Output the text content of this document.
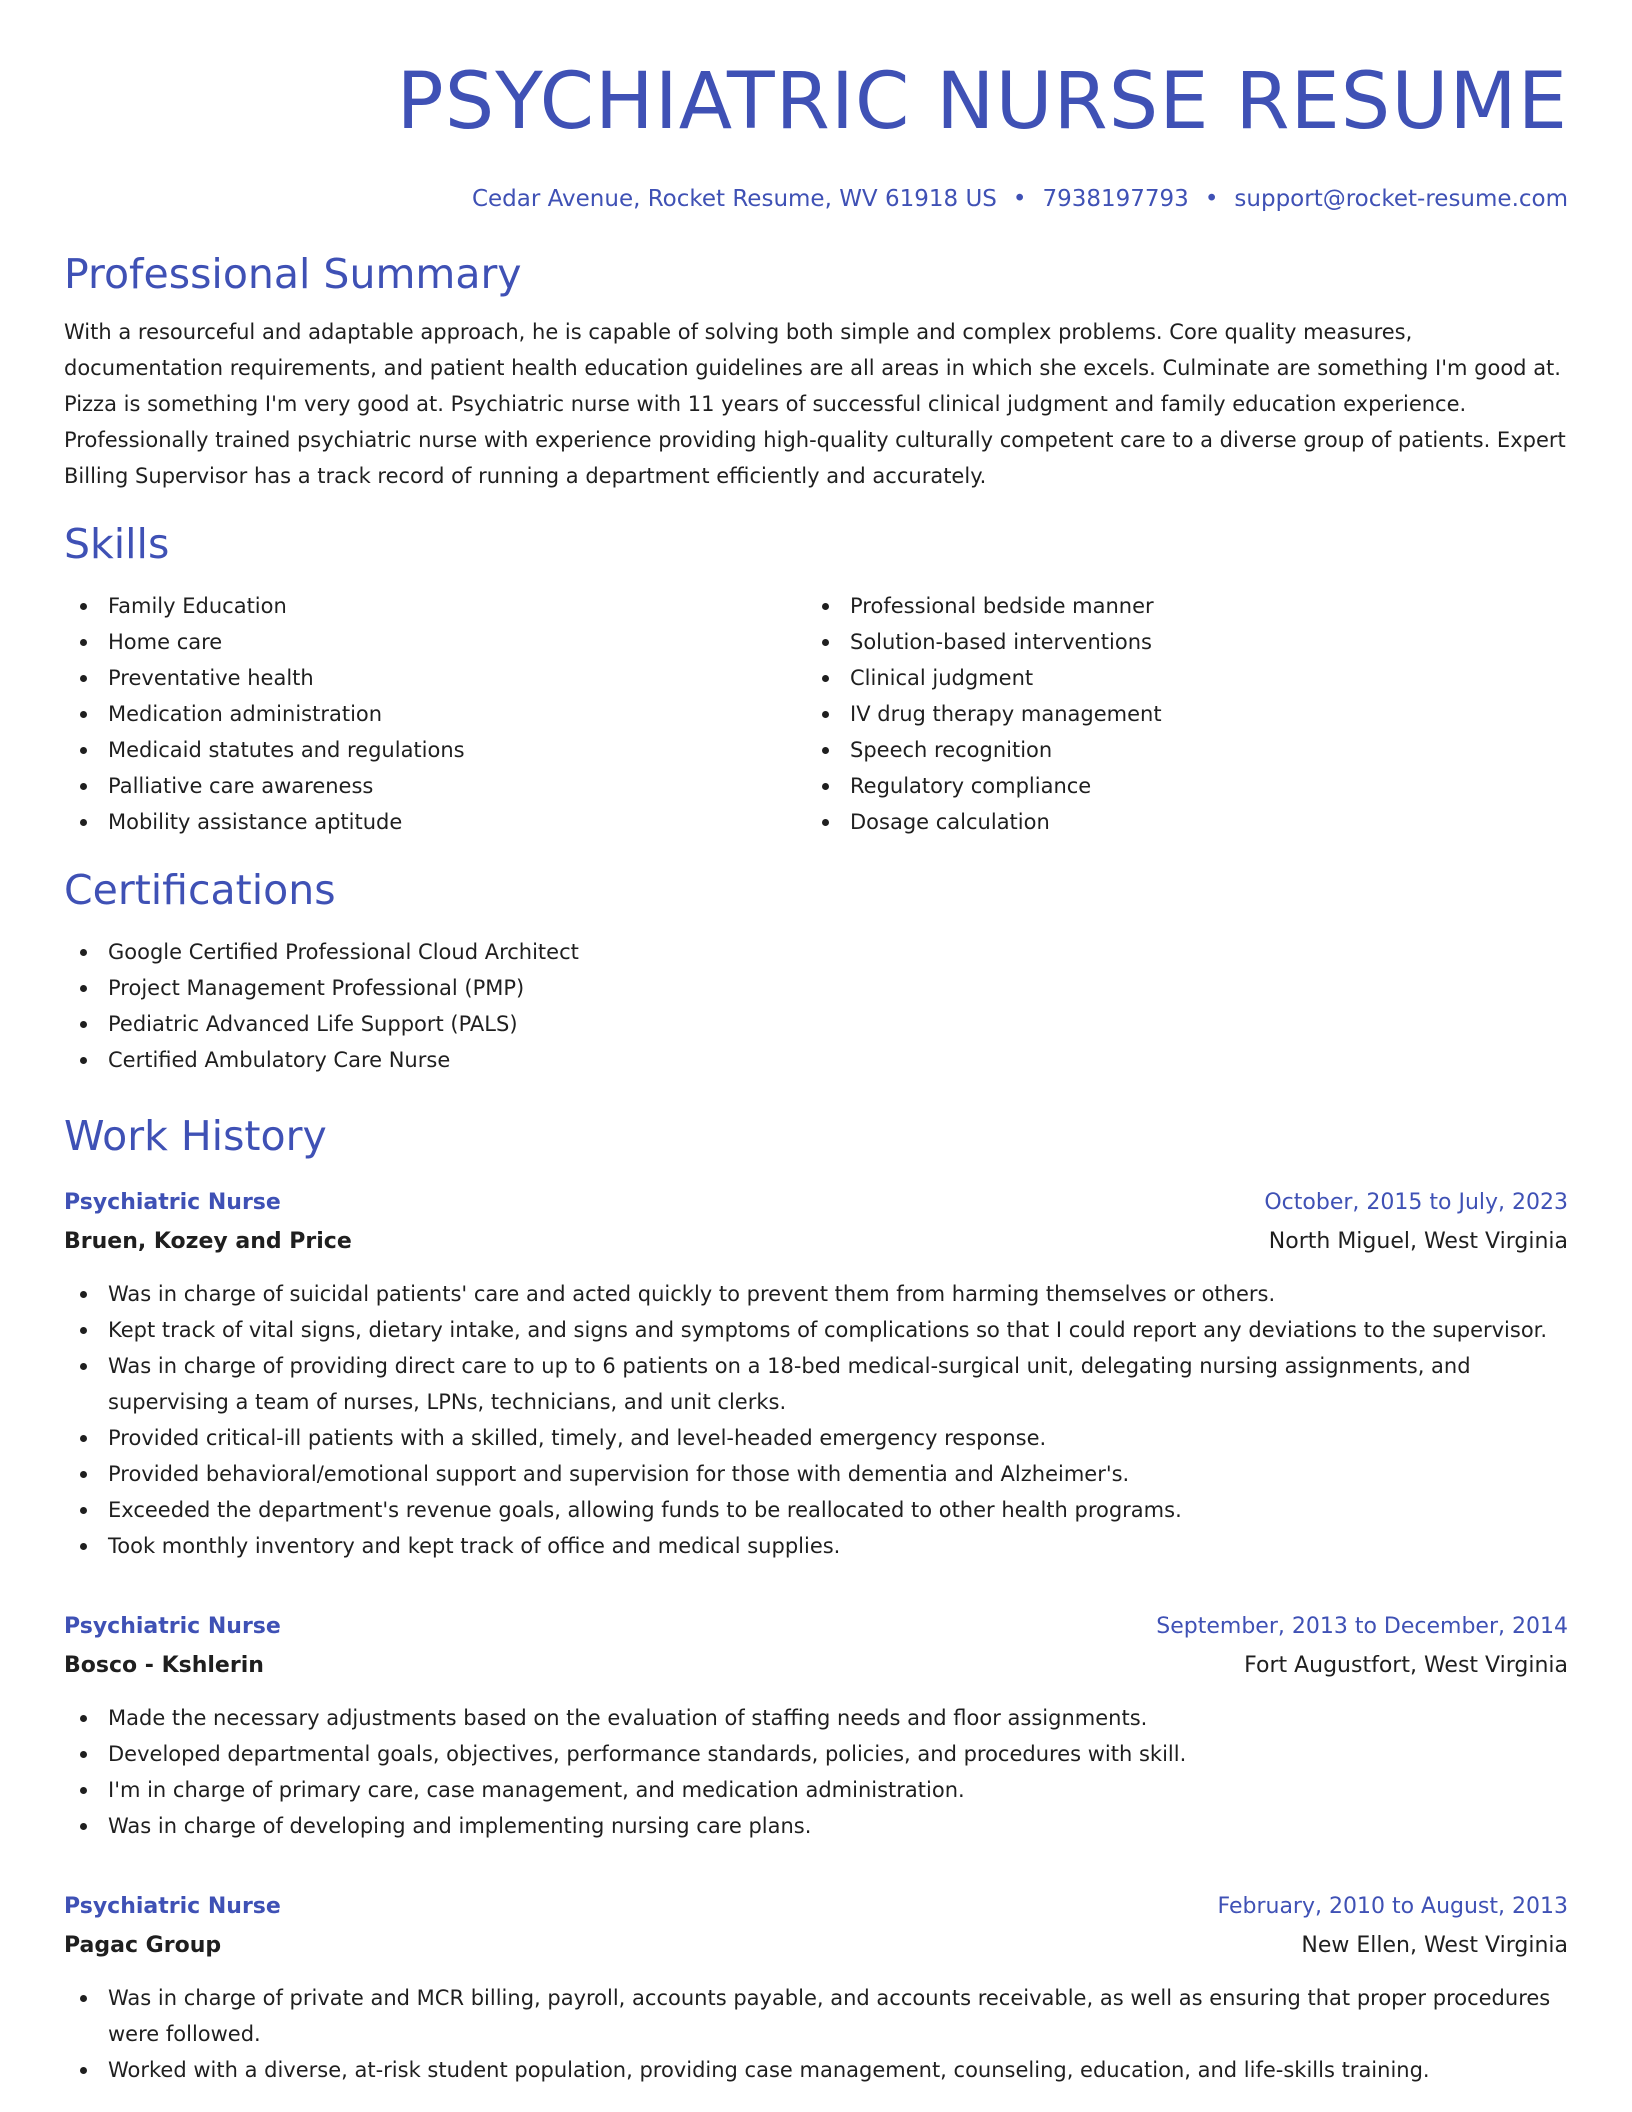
PSYCHIATRIC NURSE RESUME
Cedar Avenue, Rocket Resume, WV 61918 US • 7938197793 • support@rocket-resume.com
Professional Summary

With a resourceful and adaptable approach, he is capable of solving both simple and complex problems. Core quality measures, documentation requirements, and patient health education guidelines are all areas in which she excels. Culminate are something I'm good at. Pizza is something I'm very good at. Psychiatric nurse with 11 years of successful clinical judgment and family education experience. Professionally trained psychiatric nurse with experience providing high-quality culturally competent care to a diverse group of patients. Expert Billing Supervisor has a track record of running a department efficiently and accurately.

Skills
Family Education
Home care
Preventative health
Medication administration
Medicaid statutes and regulations
Palliative care awareness
Mobility assistance aptitude
Professional bedside manner
Solution-based interventions
Clinical judgment
IV drug therapy management
Speech recognition
Regulatory compliance
Dosage calculation
Certifications
Google Certified Professional Cloud Architect
Project Management Professional (PMP)
Pediatric Advanced Life Support (PALS)
Certified Ambulatory Care Nurse
Work History
Psychiatric Nurse	October, 2015 to July, 2023
Bruen, Kozey and Price	North Miguel, West Virginia
Was in charge of suicidal patients' care and acted quickly to prevent them from harming themselves or others.
Kept track of vital signs, dietary intake, and signs and symptoms of complications so that I could report any deviations to the supervisor.
Was in charge of providing direct care to up to 6 patients on a 18-bed medical-surgical unit, delegating nursing assignments, and supervising a team of nurses, LPNs, technicians, and unit clerks.
Provided critical-ill patients with a skilled, timely, and level-headed emergency response.
Provided behavioral/emotional support and supervision for those with dementia and Alzheimer's.
Exceeded the department's revenue goals, allowing funds to be reallocated to other health programs.
Took monthly inventory and kept track of office and medical supplies.
Psychiatric Nurse	September, 2013 to December, 2014
Bosco - Kshlerin	Fort Augustfort, West Virginia
Made the necessary adjustments based on the evaluation of staffing needs and floor assignments.
Developed departmental goals, objectives, performance standards, policies, and procedures with skill.
I'm in charge of primary care, case management, and medication administration.
Was in charge of developing and implementing nursing care plans.
Psychiatric Nurse	February, 2010 to August, 2013
Pagac Group	New Ellen, West Virginia
Was in charge of private and MCR billing, payroll, accounts payable, and accounts receivable, as well as ensuring that proper procedures were followed.
Worked with a diverse, at-risk student population, providing case management, counseling, education, and life-skills training.
